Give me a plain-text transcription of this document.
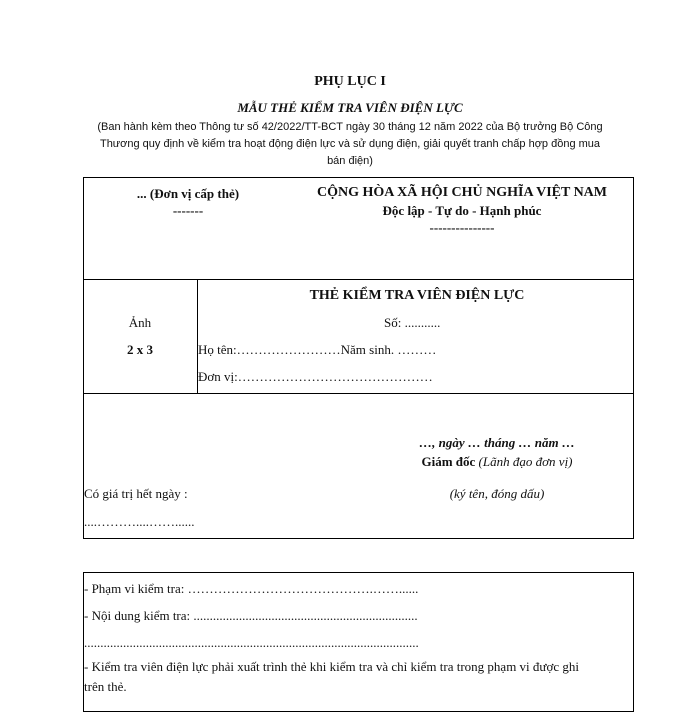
PHỤ LỤC I
MẪU THẺ KIỂM TRA VIÊN ĐIỆN LỰC
(Ban hành kèm theo Thông tư số 42/2022/TT-BCT ngày 30 tháng 12 năm 2022 của Bộ trưởng Bộ Công
Thương quy định về kiểm tra hoạt động điện lực và sử dụng điện, giải quyết tranh chấp hợp đồng mua
bán điện)
... (Đơn vị cấp thẻ)
-------
CỘNG HÒA XÃ HỘI CHỦ NGHĨA VIỆT NAM
Độc lập - Tự do - Hạnh phúc
---------------
Ảnh
2 x 3
THẺ KIỂM TRA VIÊN ĐIỆN LỰC
Số: ...........
Họ tên:……………………Năm sinh. ………
Đơn vị:………………………………………
…, ngày … tháng … năm …
Giám đốc (Lãnh đạo đơn vị)
(ký tên, đóng dấu)
Có giá trị hết ngày :
....………....……......
- Phạm vi kiểm tra: …………………………………….……......
- Nội dung kiểm tra: .....................................................................
.......................................................................................................
- Kiểm tra viên điện lực phải xuất trình thẻ khi kiểm tra và chỉ kiểm tra trong phạm vi được ghi
trên thẻ.
